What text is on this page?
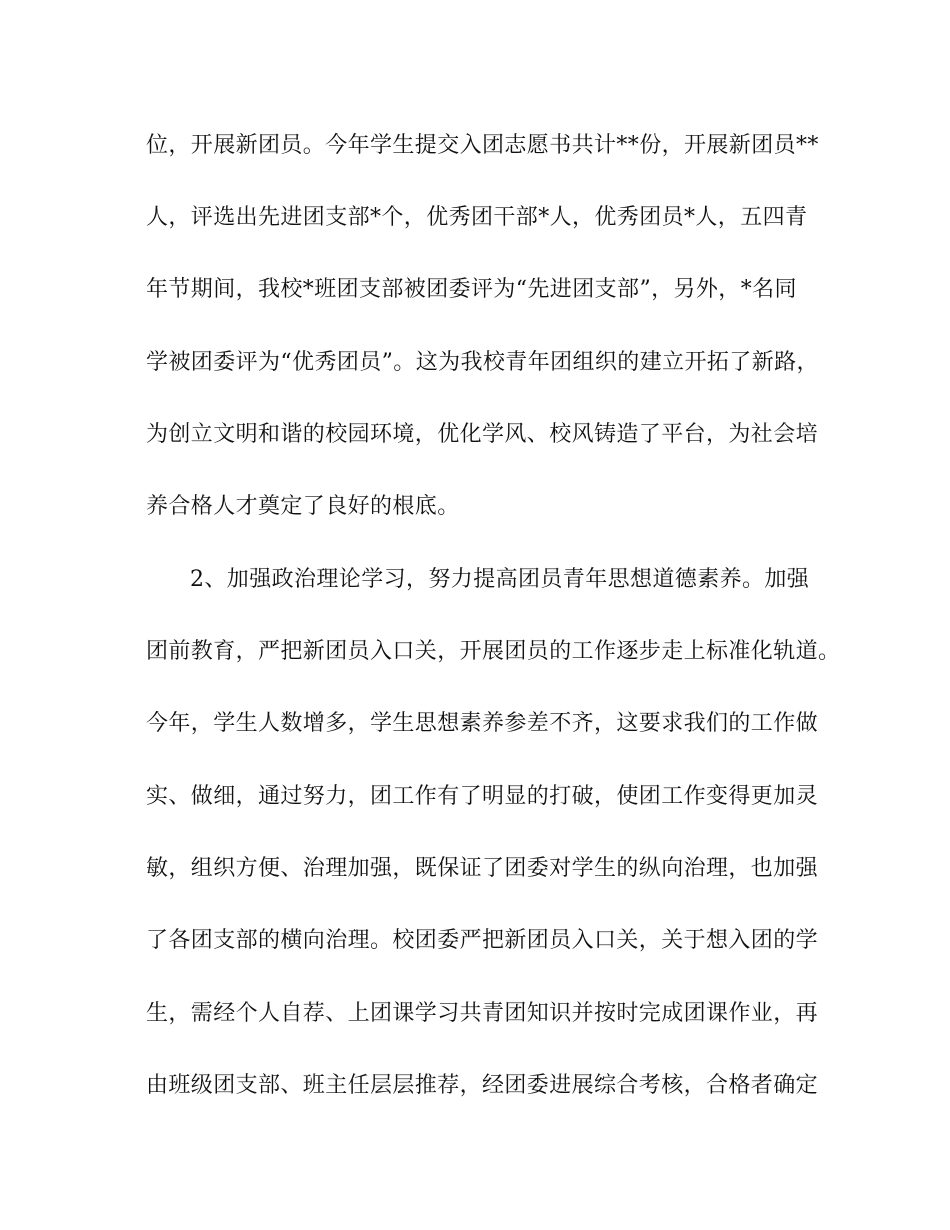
位，开展新团员。今年学生提交入团志愿书共计**份，开展新团员**
人，评选出先进团支部*个，优秀团干部*人，优秀团员*人，五四青
年节期间，我校*班团支部被团委评为“先进团支部”，另外，*名同
学被团委评为“优秀团员”。这为我校青年团组织的建立开拓了新路，
为创立文明和谐的校园环境，优化学风、校风铸造了平台，为社会培
养合格人才奠定了良好的根底。
2、加强政治理论学习，努力提高团员青年思想道德素养。加强
团前教育，严把新团员入口关，开展团员的工作逐步走上标准化轨道。
今年，学生人数增多，学生思想素养参差不齐，这要求我们的工作做
实、做细，通过努力，团工作有了明显的打破，使团工作变得更加灵
敏，组织方便、治理加强，既保证了团委对学生的纵向治理，也加强
了各团支部的横向治理。校团委严把新团员入口关，关于想入团的学
生，需经个人自荐、上团课学习共青团知识并按时完成团课作业，再
由班级团支部、班主任层层推荐，经团委进展综合考核，合格者确定
